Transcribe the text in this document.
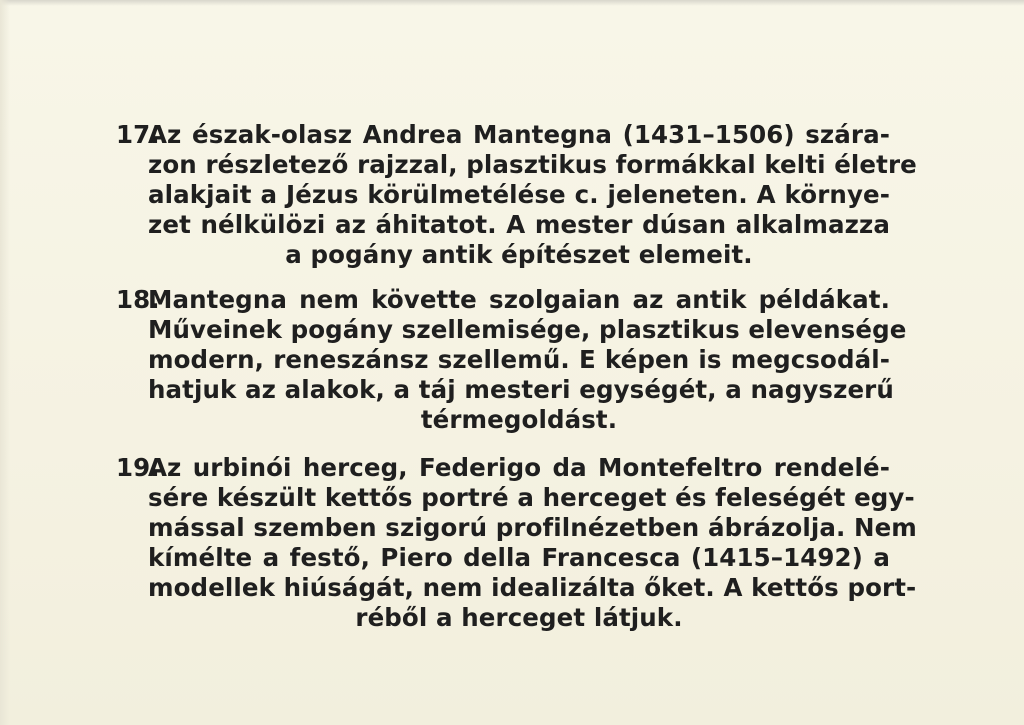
17.
Az észak-olasz Andrea Mantegna (1431–1506) szára-
zon részletező rajzzal, plasztikus formákkal kelti életre
alakjait a Jézus körülmetélése c. jeleneten. A környe-
zet nélkülözi az áhitatot. A mester dúsan alkalmazza
a pogány antik építészet elemeit.
18.
Mantegna nem követte szolgaian az antik példákat.
Műveinek pogány szellemisége, plasztikus elevensége
modern, reneszánsz szellemű. E képen is megcsodál-
hatjuk az alakok, a táj mesteri egységét, a nagyszerű
térmegoldást.
19.
Az urbinói herceg, Federigo da Montefeltro rendelé-
sére készült kettős portré a herceget és feleségét egy-
mással szemben szigorú profilnézetben ábrázolja. Nem
kímélte a festő, Piero della Francesca (1415–1492) a
modellek hiúságát, nem idealizálta őket. A kettős port-
réből a herceget látjuk.
